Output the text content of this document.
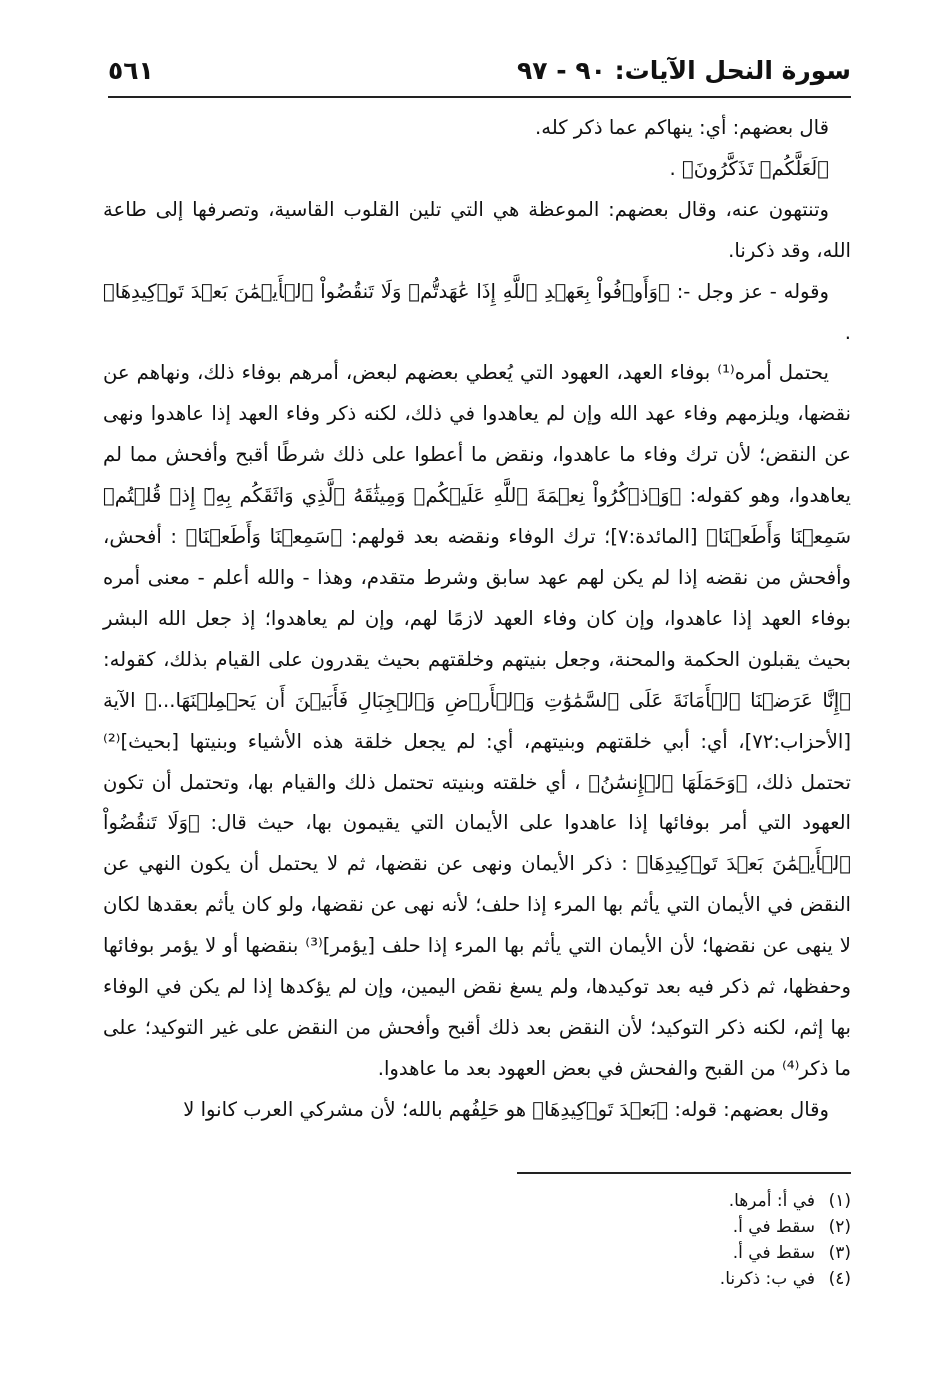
سورة النحل الآيات: ٩٠ - ٩٧
٥٦١

قال بعضهم: أي: ينهاكم عما ذكر كله.

﴿لَعَلَّكُمۡ تَذَكَّرُونَ﴾ .

وتنتهون عنه، وقال بعضهم: الموعظة هي التي تلين القلوب القاسية، وتصرفها إلى طاعة الله، وقد ذكرنا.

وقوله - عز وجل -: ﴿وَأَوۡفُواْ بِعَهۡدِ ٱللَّهِ إِذَا عَٰهَدتُّمۡ وَلَا تَنقُضُواْ ٱلۡأَيۡمَٰنَ بَعۡدَ تَوۡكِيدِهَا﴾ .

يحتمل أمره⁽¹⁾ بوفاء العهد، العهود التي يُعطي بعضهم لبعض، أمرهم بوفاء ذلك، ونهاهم عن نقضها، ويلزمهم وفاء عهد الله وإن لم يعاهدوا في ذلك، لكنه ذكر وفاء العهد إذا عاهدوا ونهى عن النقض؛ لأن ترك وفاء ما عاهدوا، ونقض ما أعطوا على ذلك شرطًا أقبح وأفحش مما لم يعاهدوا، وهو كقوله: ﴿وَٱذۡكُرُواْ نِعۡمَةَ ٱللَّهِ عَلَيۡكُمۡ وَمِيثَٰقَهُ ٱلَّذِي وَاثَقَكُم بِهِۦٓ إِذۡ قُلۡتُمۡ سَمِعۡنَا وَأَطَعۡنَا﴾ [المائدة:٧]؛ ترك الوفاء ونقضه بعد قولهم: ﴿سَمِعۡنَا وَأَطَعۡنَا﴾ : أفحش، وأفحش من نقضه إذا لم يكن لهم عهد سابق وشرط متقدم، وهذا - والله أعلم - معنى أمره بوفاء العهد إذا عاهدوا، وإن كان وفاء العهد لازمًا لهم، وإن لم يعاهدوا؛ إذ جعل الله البشر بحيث يقبلون الحكمة والمحنة، وجعل بنيتهم وخلقتهم بحيث يقدرون على القيام بذلك، كقوله: ﴿إِنَّا عَرَضۡنَا ٱلۡأَمَانَةَ عَلَى ٱلسَّمَٰوَٰتِ وَٱلۡأَرۡضِ وَٱلۡجِبَالِ فَأَبَيۡنَ أَن يَحۡمِلۡنَهَا...﴾ الآية [الأحزاب:٧٢]، أي: أبي خلقتهم وبنيتهم، أي: لم يجعل خلقة هذه الأشياء وبنيتها [بحيث]⁽²⁾ تحتمل ذلك، ﴿وَحَمَلَهَا ٱلۡإِنسَٰنُ﴾ ، أي خلقته وبنيته تحتمل ذلك والقيام بها، وتحتمل أن تكون العهود التي أمر بوفائها إذا عاهدوا على الأيمان التي يقيمون بها، حيث قال: ﴿وَلَا تَنقُضُواْ ٱلۡأَيۡمَٰنَ بَعۡدَ تَوۡكِيدِهَا﴾ : ذكر الأيمان ونهى عن نقضها، ثم لا يحتمل أن يكون النهي عن النقض في الأيمان التي يأثم بها المرء إذا حلف؛ لأنه نهى عن نقضها، ولو كان يأثم بعقدها لكان لا ينهى عن نقضها؛ لأن الأيمان التي يأثم بها المرء إذا حلف [يؤمر]⁽³⁾ بنقضها أو لا يؤمر بوفائها وحفظها، ثم ذكر فيه بعد توكيدها، ولم يسغ نقض اليمين، وإن لم يؤكدها إذا لم يكن في الوفاء بها إثم، لكنه ذكر التوكيد؛ لأن النقض بعد ذلك أقبح وأفحش من النقض على غير التوكيد؛ على ما ذكر⁽⁴⁾ من القبح والفحش في بعض العهود بعد ما عاهدوا.

وقال بعضهم: قوله: ﴿بَعۡدَ تَوۡكِيدِهَا﴾ هو حَلِفُهم بالله؛ لأن مشركي العرب كانوا لا

(١)في أ: أمرها.
(٢)سقط في أ.
(٣)سقط في أ.
(٤)في ب: ذكرنا.
